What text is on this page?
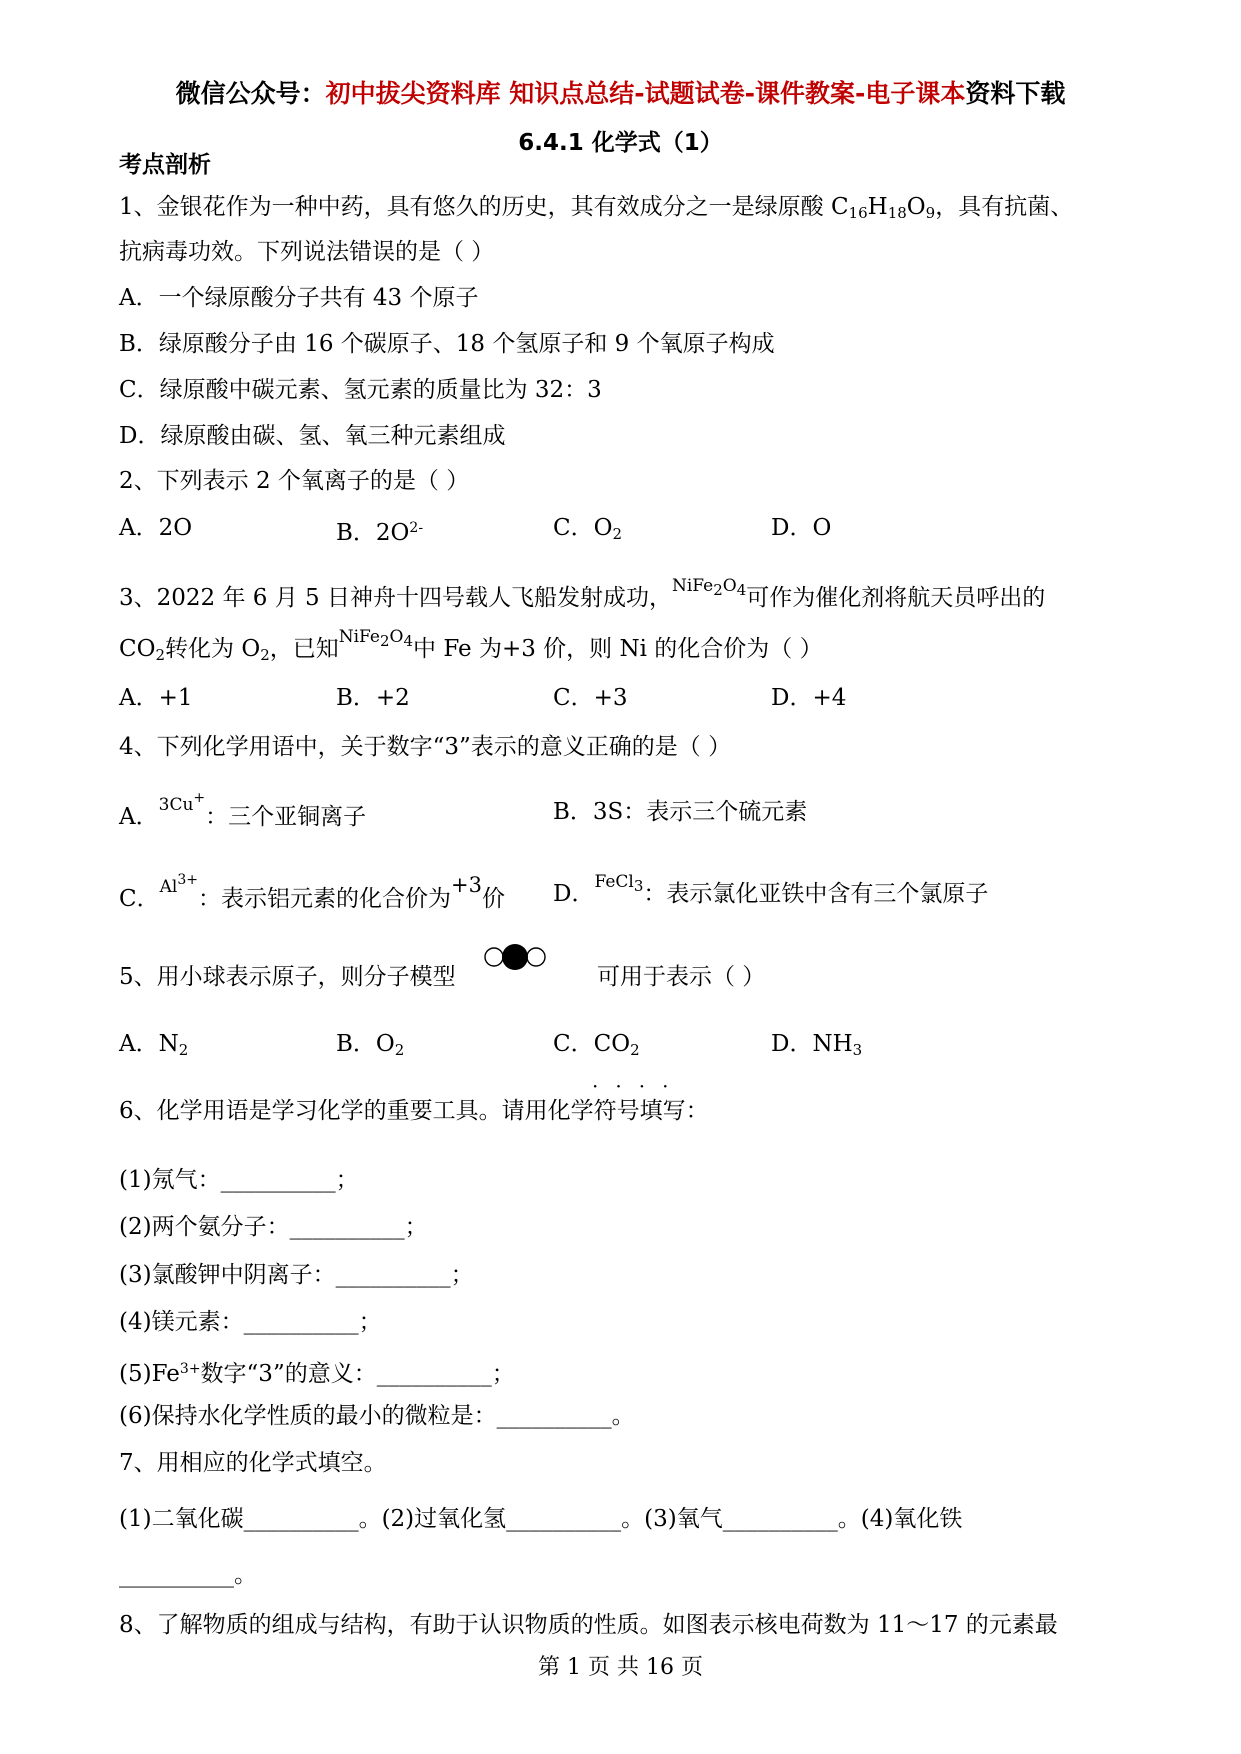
微信公众号：初中拔尖资料库 知识点总结-试题试卷-课件教案-电子课本资料下载
6.4.1 化学式（1）
考点剖析
1、金银花作为一种中药，具有悠久的历史，其有效成分之一是绿原酸 $C_{16}H_{18}O_9$，具有抗菌、
抗病毒功效。下列说法错误的是（ ）
A．一个绿原酸分子共有 43 个原子
B．绿原酸分子由 16 个碳原子、18 个氢原子和 9 个氧原子构成
C．绿原酸中碳元素、氢元素的质量比为 32：3
D．绿原酸由碳、氢、氧三种元素组成
2、下列表示 2 个氧离子的是（ ）
A．2O	B．$2O^{2-}$	C．$O_2$	D．O
3、2022 年 6 月 5 日神舟十四号载人飞船发射成功，$NiFe_2O_4$可作为催化剂将航天员呼出的
$CO_2$转化为 $O_2$，已知$NiFe_2O_4$中 Fe 为+3 价，则 Ni 的化合价为（ ）
A．+1	B．+2	C．+3	D．+4
4、下列化学用语中，关于数字“3”表示的意义正确的是（ ）
A．3Cu+：三个亚铜离子	B．3S：表示三个硫元素
C．$Al^{3+}$：表示铝元素的化合价为+3价 D．FeCl$_3$：表示氯化亚铁中含有三个氯原子
5、用小球表示原子，则分子模型	可用于表示（ ）
A．$N_2$	B．$O_2$	C．$CO_2$	D．$NH_3$
····
6、化学用语是学习化学的重要工具。请用化学符号填写：
(1)氖气：__________；
(2)两个氨分子：__________；
(3)氯酸钾中阴离子：__________；
(4)镁元素：__________；
$(5)Fe^{3+}$数字“3”的意义：__________；
(6)保持水化学性质的最小的微粒是：__________。
7、用相应的化学式填空。
(1)二氧化碳__________。(2)过氧化氢__________。(3)氧气__________。(4)氧化铁
__________。
8、了解物质的组成与结构，有助于认识物质的性质。如图表示核电荷数为 11～17 的元素最
第 1 页 共 16 页
